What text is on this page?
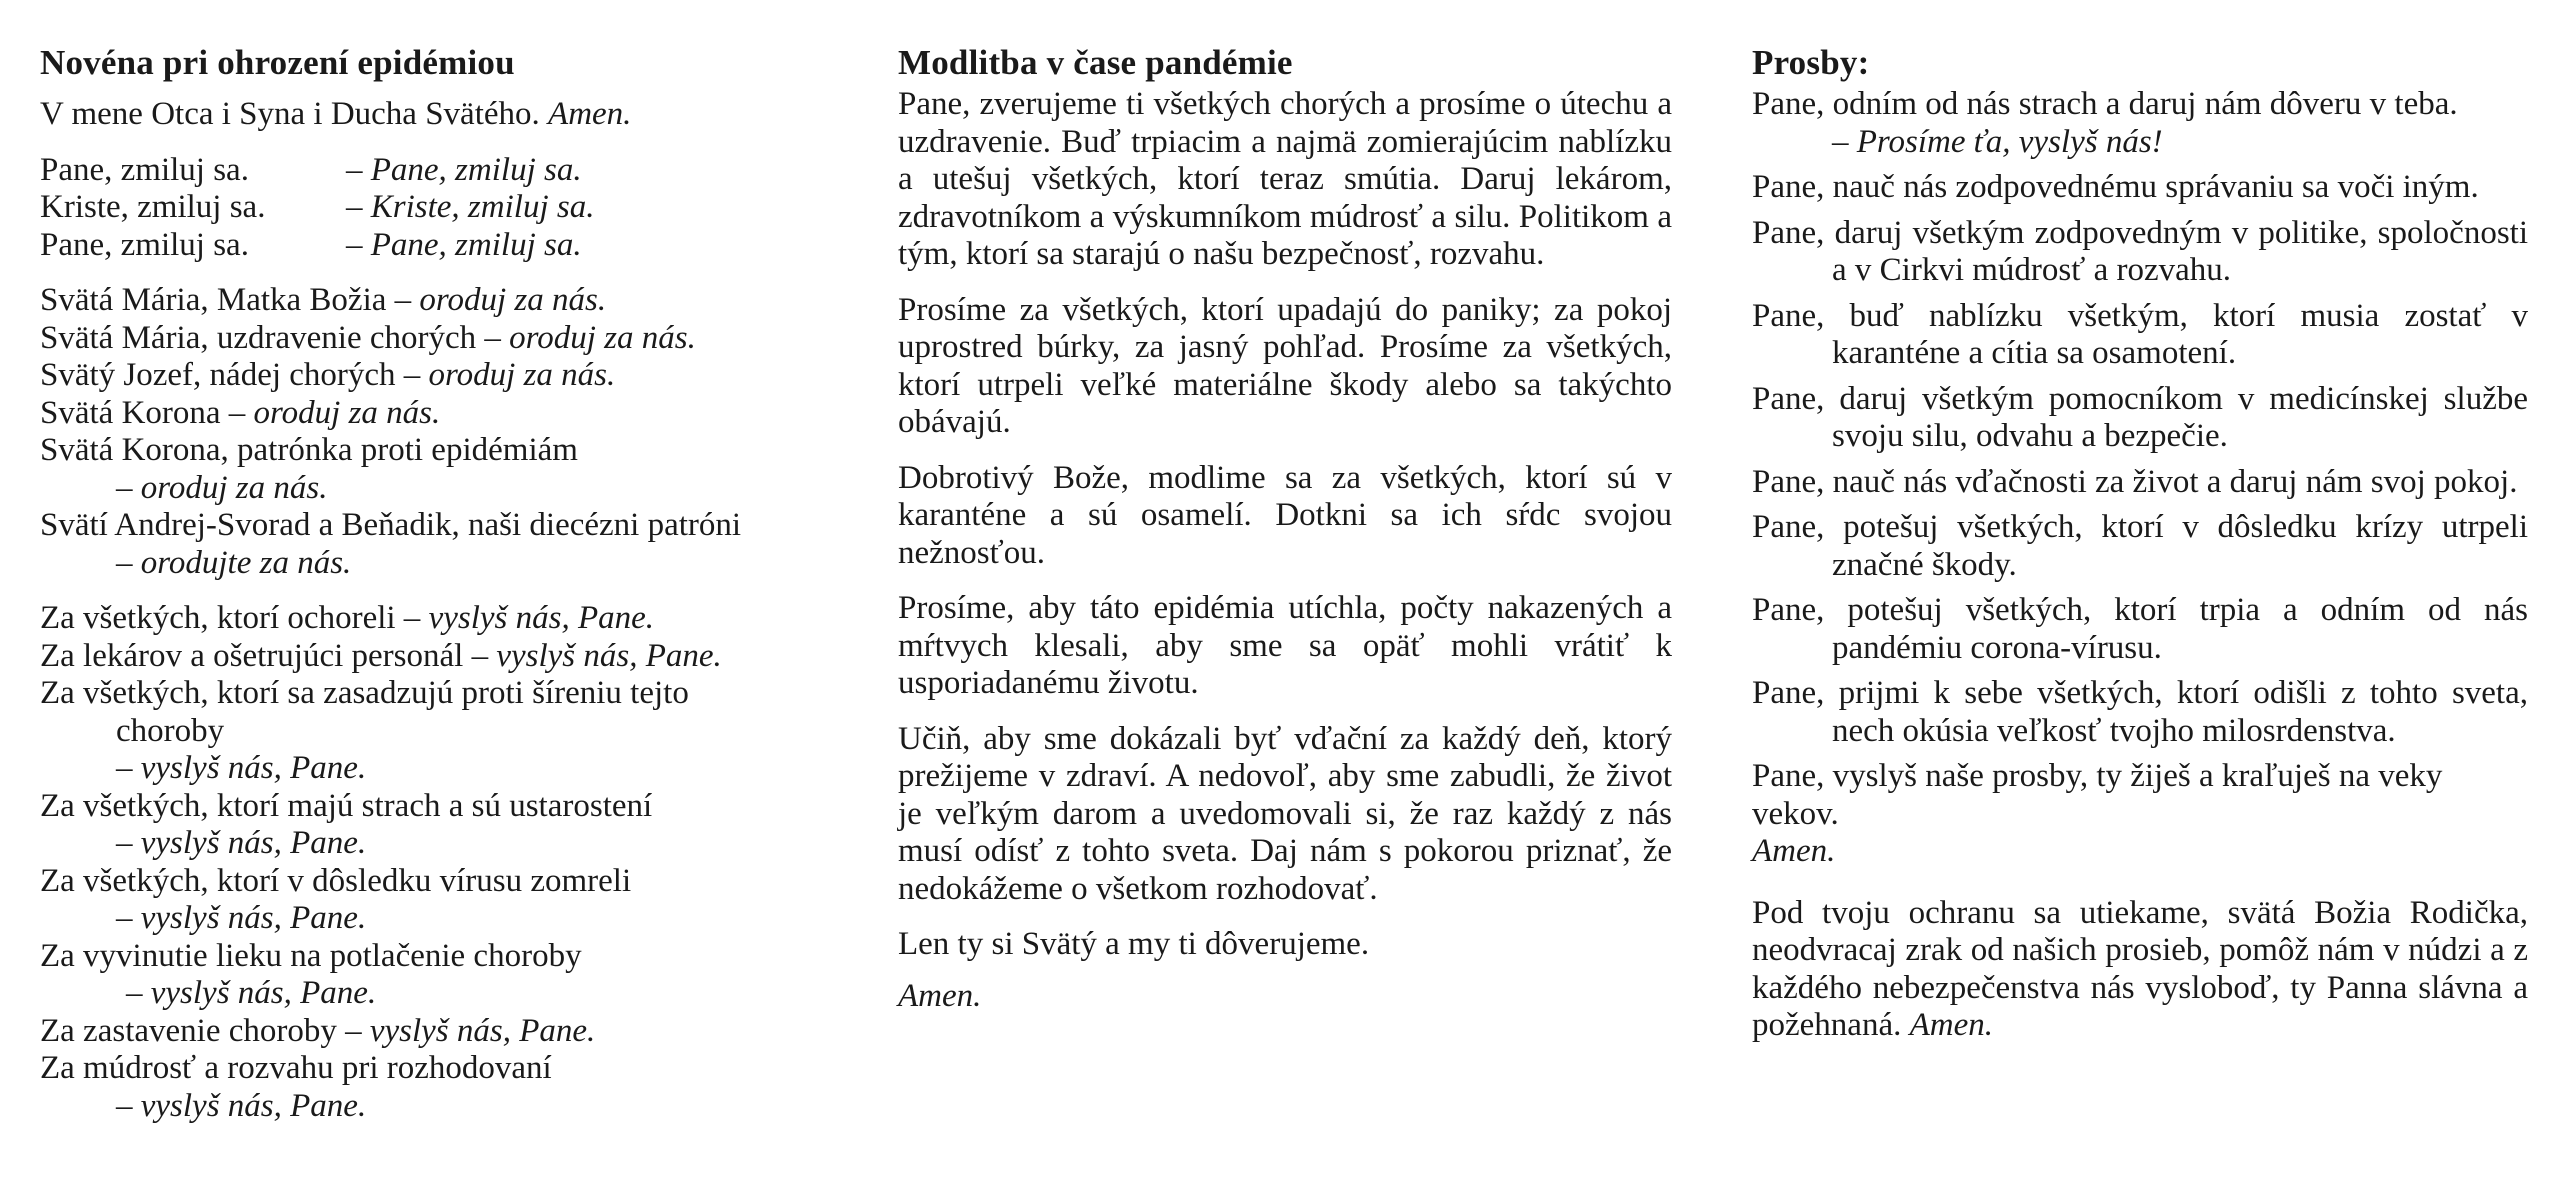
Novéna pri ohrození epidémiou
V mene Otca i Syna i Ducha Svätého. Amen.
Pane, zmiluj sa.	– Pane, zmiluj sa.
Kriste, zmiluj sa.	– Kriste, zmiluj sa.
Pane, zmiluj sa.	– Pane, zmiluj sa.
Svätá Mária, Matka Božia – oroduj za nás.
Svätá Mária, uzdravenie chorých – oroduj za nás.
Svätý Jozef, nádej chorých – oroduj za nás.
Svätá Korona – oroduj za nás.
Svätá Korona, patrónka proti epidémiám
– oroduj za nás.
Svätí Andrej-Svorad a Beňadik, naši diecézni patróni
– orodujte za nás.
Za všetkých, ktorí ochoreli – vyslyš nás, Pane.
Za lekárov a ošetrujúci personál – vyslyš nás, Pane.
Za všetkých, ktorí sa zasadzujú proti šíreniu tejto
choroby
– vyslyš nás, Pane.
Za všetkých, ktorí majú strach a sú ustarostení
– vyslyš nás, Pane.
Za všetkých, ktorí v dôsledku vírusu zomreli
– vyslyš nás, Pane.
Za vyvinutie lieku na potlačenie choroby
– vyslyš nás, Pane.
Za zastavenie choroby – vyslyš nás, Pane.
Za múdrosť a rozvahu pri rozhodovaní
– vyslyš nás, Pane.
Modlitba v čase pandémie

Pane, zverujeme ti všetkých chorých a prosíme o útechu a uzdravenie. Buď trpiacim a najmä zomierajúcim nablízku a utešuj všetkých, ktorí teraz smútia. Daruj lekárom, zdravotníkom a výskumníkom múdrosť a silu. Politikom a tým, ktorí sa starajú o našu bezpečnosť, rozvahu.

Prosíme za všetkých, ktorí upadajú do paniky; za pokoj uprostred búrky, za jasný pohľad. Prosíme za všetkých, ktorí utrpeli veľké materiálne škody alebo sa takýchto obávajú.

Dobrotivý Bože, modlime sa za všetkých, ktorí sú v karanténe a sú osamelí. Dotkni sa ich sŕdc svojou nežnosťou.

Prosíme, aby táto epidémia utíchla, počty nakazených a mŕtvych klesali, aby sme sa opäť mohli vrátiť k usporiadanému životu.

Učiň, aby sme dokázali byť vďační za každý deň, ktorý prežijeme v zdraví. A nedovoľ, aby sme zabudli, že život je veľkým darom a uvedomovali si, že raz každý z nás musí odísť z tohto sveta. Daj nám s pokorou priznať, že nedokážeme o všetkom rozhodovať.

Len ty si Svätý a my ti dôverujeme.

Amen.
Prosby:

Pane, odním od nás strach a daruj nám dôveru v teba.

– Prosíme ťa, vyslyš nás!

Pane, nauč nás zodpovednému správaniu sa voči iným.

Pane, daruj všetkým zodpovedným v politike, spoločnosti a v Cirkvi múdrosť a rozvahu.

Pane, buď nablízku všetkým, ktorí musia zostať v karanténe a cítia sa osamotení.

Pane, daruj všetkým pomocníkom v medicínskej službe svoju silu, odvahu a bezpečie.

Pane, nauč nás vďačnosti za život a daruj nám svoj pokoj.

Pane, potešuj všetkých, ktorí v dôsledku krízy utrpeli značné škody.

Pane, potešuj všetkých, ktorí trpia a odním od nás pandémiu corona-vírusu.

Pane, prijmi k sebe všetkých, ktorí odišli z tohto sveta, nech okúsia veľkosť tvojho milosrdenstva.

Pane, vyslyš naše prosby, ty žiješ a kraľuješ na veky vekov.
Amen.
Pod tvoju ochranu sa utiekame, svätá Božia Rodička, neodvracaj zrak od našich prosieb, pomôž nám v núdzi a z každého nebezpečenstva nás vysloboď, ty Panna slávna a požehnaná. Amen.
